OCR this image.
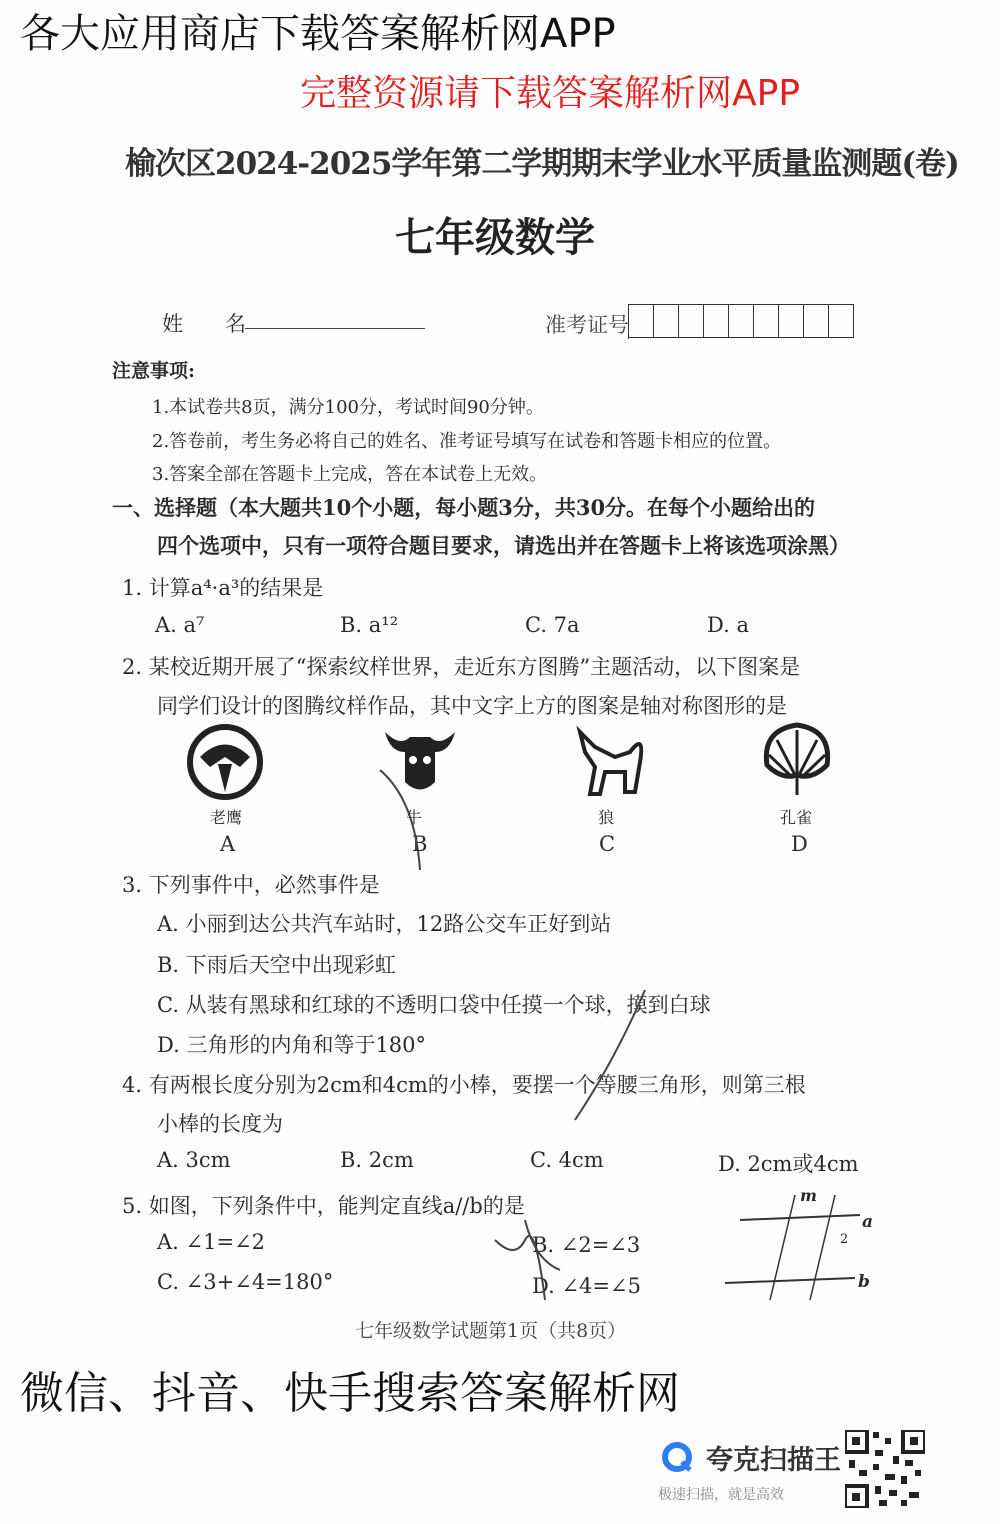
各大应用商店下载答案解析网APP
完整资源请下载答案解析网APP
榆次区2024-2025学年第二学期期末学业水平质量监测题(卷)
七年级数学
姓 名	准考证号
注意事项:
1.本试卷共8页，满分100分，考试时间90分钟。
2.答卷前，考生务必将自己的姓名、准考证号填写在试卷和答题卡相应的位置。
3.答案全部在答题卡上完成，答在本试卷上无效。
一、选择题（本大题共10个小题，每小题3分，共30分。在每个小题给出的
四个选项中，只有一项符合题目要求，请选出并在答题卡上将该选项涂黑）
1. 计算a⁴·a³的结果是
A. a⁷	B. a¹²	C. 7a	D. a
2. 某校近期开展了“探索纹样世界，走近东方图腾”主题活动，以下图案是
同学们设计的图腾纹样作品，其中文字上方的图案是轴对称图形的是
老鹰
A
牛
B
狼
C
孔雀
D
3. 下列事件中，必然事件是
A. 小丽到达公共汽车站时，12路公交车正好到站
B. 下雨后天空中出现彩虹
C. 从装有黑球和红球的不透明口袋中任摸一个球，摸到白球
D. 三角形的内角和等于180°
4. 有两根长度分别为2cm和4cm的小棒，要摆一个等腰三角形，则第三根
小棒的长度为
A. 3cm	B. 2cm	C. 4cm	D. 2cm或4cm
5. 如图，下列条件中，能判定直线a//b的是
A. ∠1=∠2	B. ∠2=∠3
C. ∠3+∠4=180°	D. ∠4=∠5
m
a
b
2
七年级数学试题第1页（共8页）
微信、抖音、快手搜索答案解析网
夸克扫描王
极速扫描，就是高效
